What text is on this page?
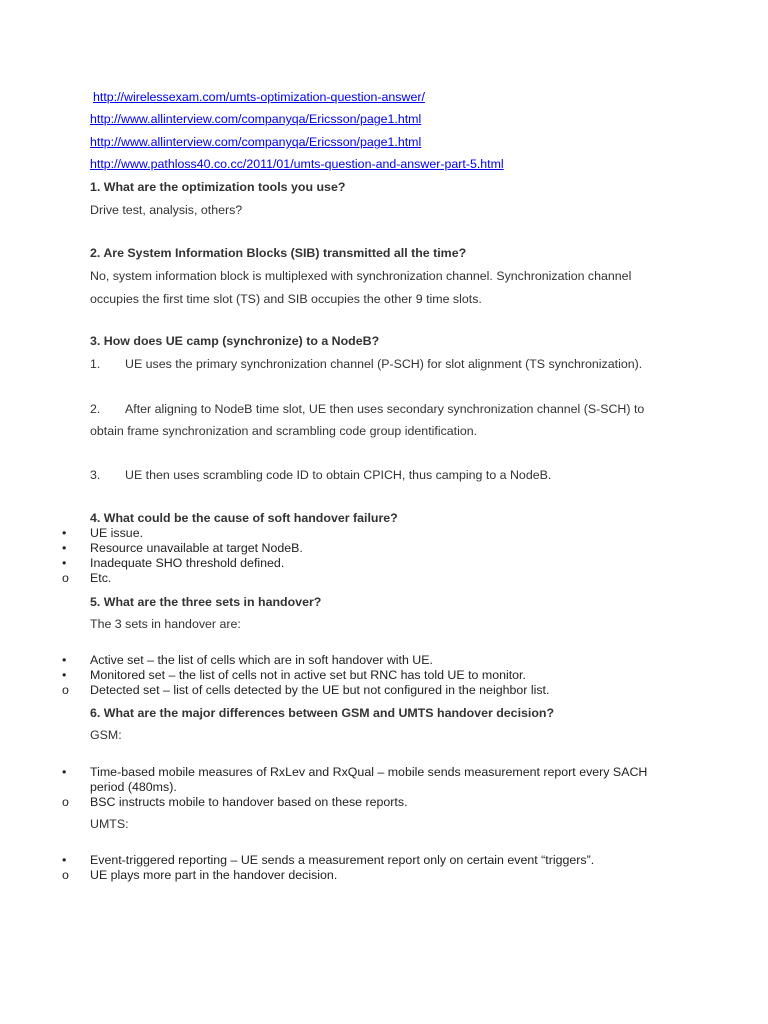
http://wirelessexam.com/umts-optimization-question-answer/
http://www.allinterview.com/companyqa/Ericsson/page1.html
http://www.allinterview.com/companyqa/Ericsson/page1.html
http://www.pathloss40.co.cc/2011/01/umts-question-and-answer-part-5.html
1. What are the optimization tools you use?
Drive test, analysis, others?
2. Are System Information Blocks (SIB) transmitted all the time?
No, system information block is multiplexed with synchronization channel. Synchronization channel
occupies the first time slot (TS) and SIB occupies the other 9 time slots.
3. How does UE camp (synchronize) to a NodeB?
1. UE uses the primary synchronization channel (P-SCH) for slot alignment (TS synchronization).
2. After aligning to NodeB time slot, UE then uses secondary synchronization channel (S-SCH) to
obtain frame synchronization and scrambling code group identification.
3. UE then uses scrambling code ID to obtain CPICH, thus camping to a NodeB.
4. What could be the cause of soft handover failure?
• UE issue.
• Resource unavailable at target NodeB.
• Inadequate SHO threshold defined.
o Etc.
5. What are the three sets in handover?
The 3 sets in handover are:
• Active set – the list of cells which are in soft handover with UE.
• Monitored set – the list of cells not in active set but RNC has told UE to monitor.
o Detected set – list of cells detected by the UE but not configured in the neighbor list.
6. What are the major differences between GSM and UMTS handover decision?
GSM:
• Time-based mobile measures of RxLev and RxQual – mobile sends measurement report every SACH
period (480ms).
o BSC instructs mobile to handover based on these reports.
UMTS:
• Event-triggered reporting – UE sends a measurement report only on certain event “triggers”.
o UE plays more part in the handover decision.
